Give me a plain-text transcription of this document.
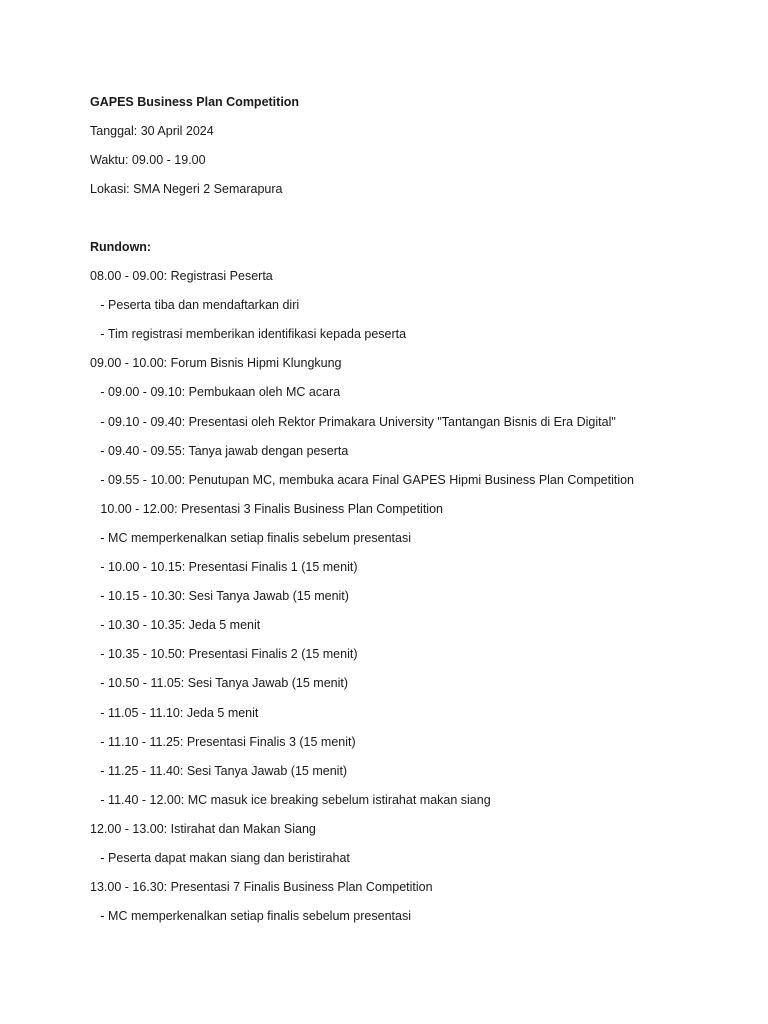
GAPES Business Plan Competition
Tanggal: 30 April 2024
Waktu: 09.00 - 19.00
Lokasi: SMA Negeri 2 Semarapura
Rundown:
08.00 - 09.00: Registrasi Peserta
- Peserta tiba dan mendaftarkan diri
- Tim registrasi memberikan identifikasi kepada peserta
09.00 - 10.00: Forum Bisnis Hipmi Klungkung
- 09.00 - 09.10: Pembukaan oleh MC acara
- 09.10 - 09.40: Presentasi oleh Rektor Primakara University "Tantangan Bisnis di Era Digital"
- 09.40 - 09.55: Tanya jawab dengan peserta
- 09.55 - 10.00: Penutupan MC, membuka acara Final GAPES Hipmi Business Plan Competition
10.00 - 12.00: Presentasi 3 Finalis Business Plan Competition
- MC memperkenalkan setiap finalis sebelum presentasi
- 10.00 - 10.15: Presentasi Finalis 1 (15 menit)
- 10.15 - 10.30: Sesi Tanya Jawab (15 menit)
- 10.30 - 10.35: Jeda 5 menit
- 10.35 - 10.50: Presentasi Finalis 2 (15 menit)
- 10.50 - 11.05: Sesi Tanya Jawab (15 menit)
- 11.05 - 11.10: Jeda 5 menit
- 11.10 - 11.25: Presentasi Finalis 3 (15 menit)
- 11.25 - 11.40: Sesi Tanya Jawab (15 menit)
- 11.40 - 12.00: MC masuk ice breaking sebelum istirahat makan siang
12.00 - 13.00: Istirahat dan Makan Siang
- Peserta dapat makan siang dan beristirahat
13.00 - 16.30: Presentasi 7 Finalis Business Plan Competition
- MC memperkenalkan setiap finalis sebelum presentasi
